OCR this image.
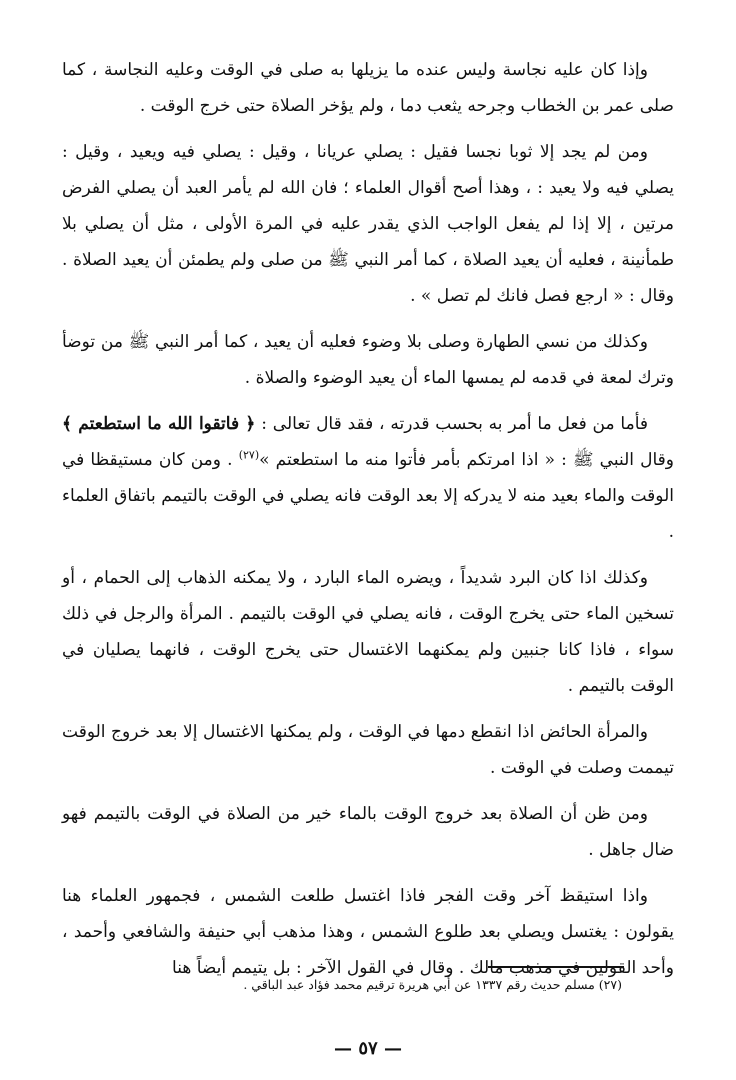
وإذا كان عليه نجاسة وليس عنده ما يزيلها به صلى في الوقت وعليه النجاسة ، كما صلى عمر بن الخطاب وجرحه يثعب دما ، ولم يؤخر الصلاة حتى خرج الوقت .

ومن لم يجد إلا ثوبا نجسا فقيل : يصلي عريانا ، وقيل : يصلي فيه ويعيد ، وقيل : يصلي فيه ولا يعيد : ، وهذا أصح أقوال العلماء ؛ فان الله لم يأمر العبد أن يصلي الفرض مرتين ، إلا إذا لم يفعل الواجب الذي يقدر عليه في المرة الأولى ، مثل أن يصلي بلا طمأنينة ، فعليه أن يعيد الصلاة ، كما أمر النبي ﷺ من صلى ولم يطمئن أن يعيد الصلاة . وقال : « ارجع فصل فانك لم تصل » .

وكذلك من نسي الطهارة وصلى بلا وضوء فعليه أن يعيد ، كما أمر النبي ﷺ من توضأ وترك لمعة في قدمه لم يمسها الماء أن يعيد الوضوء والصلاة .

فأما من فعل ما أمر به بحسب قدرته ، فقد قال تعالى : ﴿ فاتقوا الله ما استطعتم ﴾ وقال النبي ﷺ : « اذا امرتكم بأمر فأتوا منه ما استطعتم »$^{(٢٧)}$ . ومن كان مستيقظا في الوقت والماء بعيد منه لا يدركه إلا بعد الوقت فانه يصلي في الوقت بالتيمم باتفاق العلماء .

وكذلك اذا كان البرد شديداً ، ويضره الماء البارد ، ولا يمكنه الذهاب إلى الحمام ، أو تسخين الماء حتى يخرج الوقت ، فانه يصلي في الوقت بالتيمم . المرأة والرجل في ذلك سواء ، فاذا كانا جنبين ولم يمكنهما الاغتسال حتى يخرج الوقت ، فانهما يصليان في الوقت بالتيمم .

والمرأة الحائض اذا انقطع دمها في الوقت ، ولم يمكنها الاغتسال إلا بعد خروج الوقت تيممت وصلت في الوقت .

ومن ظن أن الصلاة بعد خروج الوقت بالماء خير من الصلاة في الوقت بالتيمم فهو ضال جاهل .

واذا استيقظ آخر وقت الفجر فاذا اغتسل طلعت الشمس ، فجمهور العلماء هنا يقولون : يغتسل ويصلي بعد طلوع الشمس ، وهذا مذهب أبي حنيفة والشافعي وأحمد ، وأحد القولين في مذهب مالك . وقال في القول الآخر : بل يتيمم أيضاً هنا

(٢٧) مسلم حديث رقم ١٣٣٧ عن أبي هريرة ترقيم محمد فؤاد عبد الباقي .
— ٥٧ —
